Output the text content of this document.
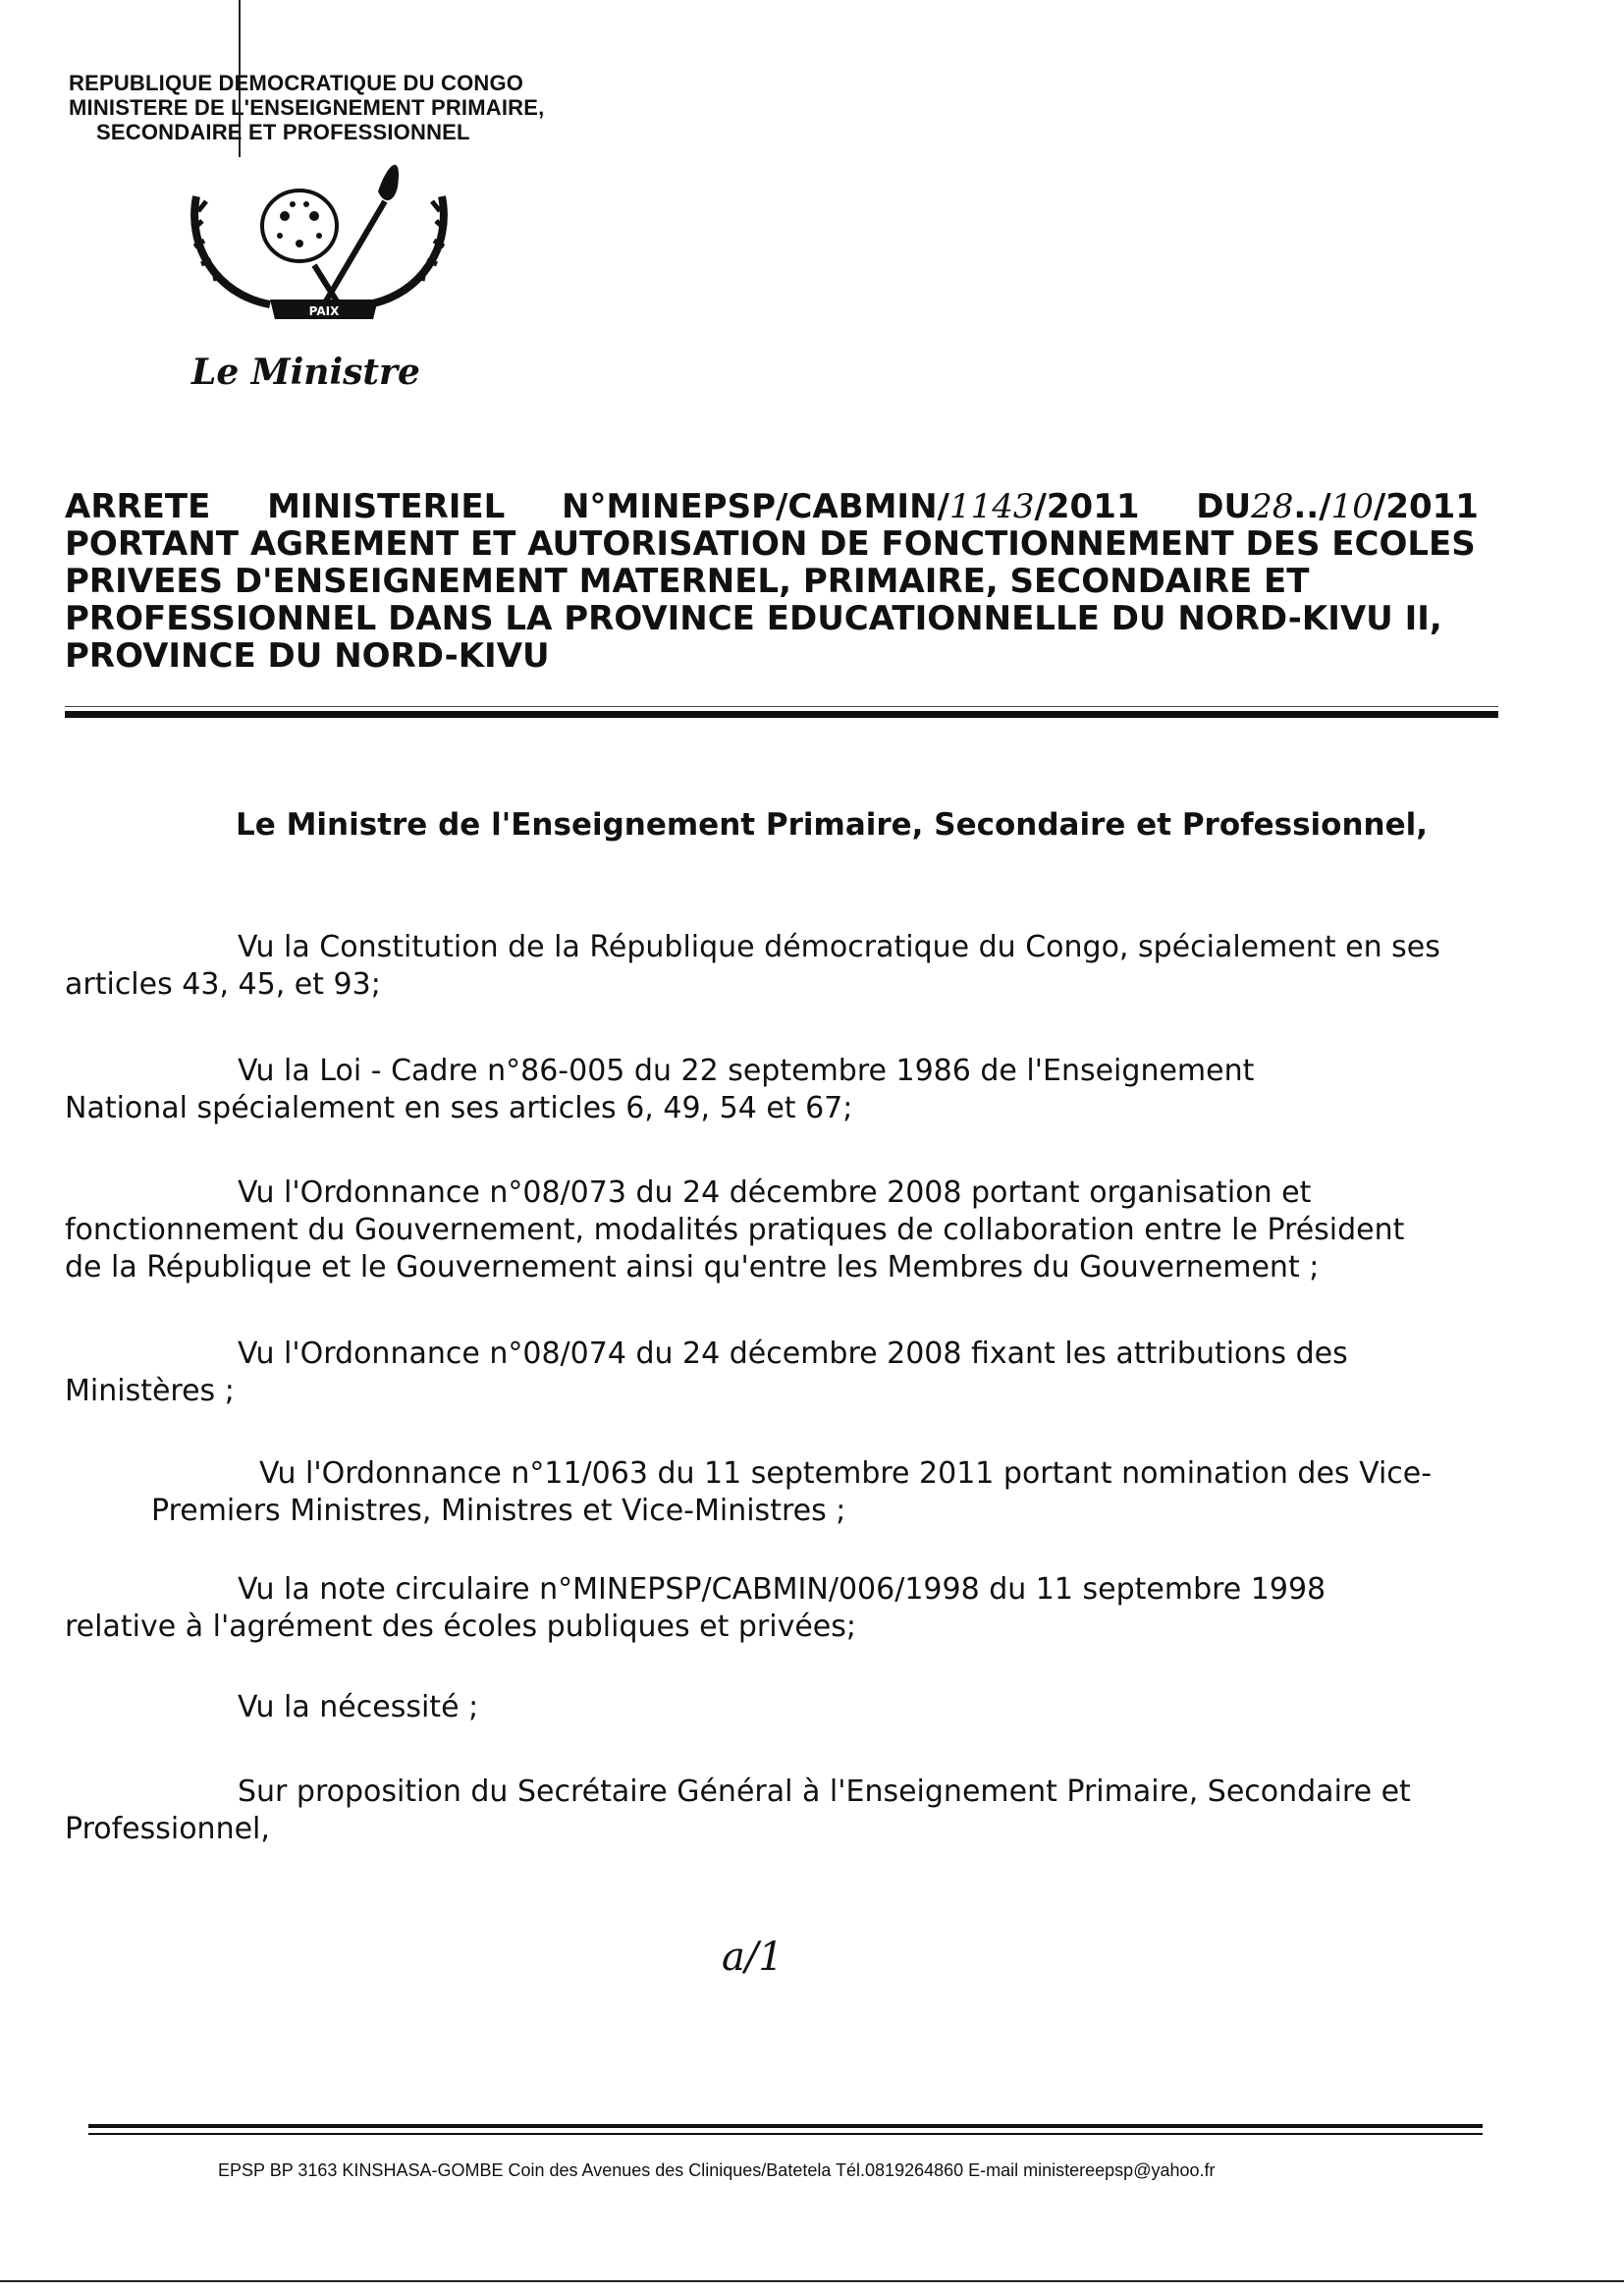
REPUBLIQUE DEMOCRATIQUE DU CONGO
MINISTERE DE L'ENSEIGNEMENT PRIMAIRE,
SECONDAIRE ET PROFESSIONNEL
PAIX
Le Ministre
ARRETE MINISTERIEL N°MINEPSP/CABMIN/1143/2011 DU28../10/2011
PORTANT AGREMENT ET AUTORISATION DE FONCTIONNEMENT DES ECOLES
PRIVEES D'ENSEIGNEMENT MATERNEL, PRIMAIRE, SECONDAIRE ET
PROFESSIONNEL DANS LA PROVINCE EDUCATIONNELLE DU NORD-KIVU II,
PROVINCE DU NORD-KIVU
Le Ministre de l'Enseignement Primaire, Secondaire et Professionnel,
Vu la Constitution de la République démocratique du Congo, spécialement en ses
articles 43, 45, et 93;
Vu la Loi - Cadre n°86-005 du 22 septembre 1986 de l'Enseignement
National spécialement en ses articles 6, 49, 54 et 67;
Vu l'Ordonnance n°08/073 du 24 décembre 2008 portant organisation et
fonctionnement du Gouvernement, modalités pratiques de collaboration entre le Président
de la République et le Gouvernement ainsi qu'entre les Membres du Gouvernement ;
Vu l'Ordonnance n°08/074 du 24 décembre 2008 fixant les attributions des
Ministères ;
Vu l'Ordonnance n°11/063 du 11 septembre 2011 portant nomination des Vice-
Premiers Ministres, Ministres et Vice-Ministres ;
Vu la note circulaire n°MINEPSP/CABMIN/006/1998 du 11 septembre 1998
relative à l'agrément des écoles publiques et privées;
Vu la nécessité ;
Sur proposition du Secrétaire Général à l'Enseignement Primaire, Secondaire et
Professionnel,
a/1
EPSP BP 3163 KINSHASA-GOMBE Coin des Avenues des Cliniques/Batetela Tél.0819264860 E-mail ministereepsp@yahoo.fr
